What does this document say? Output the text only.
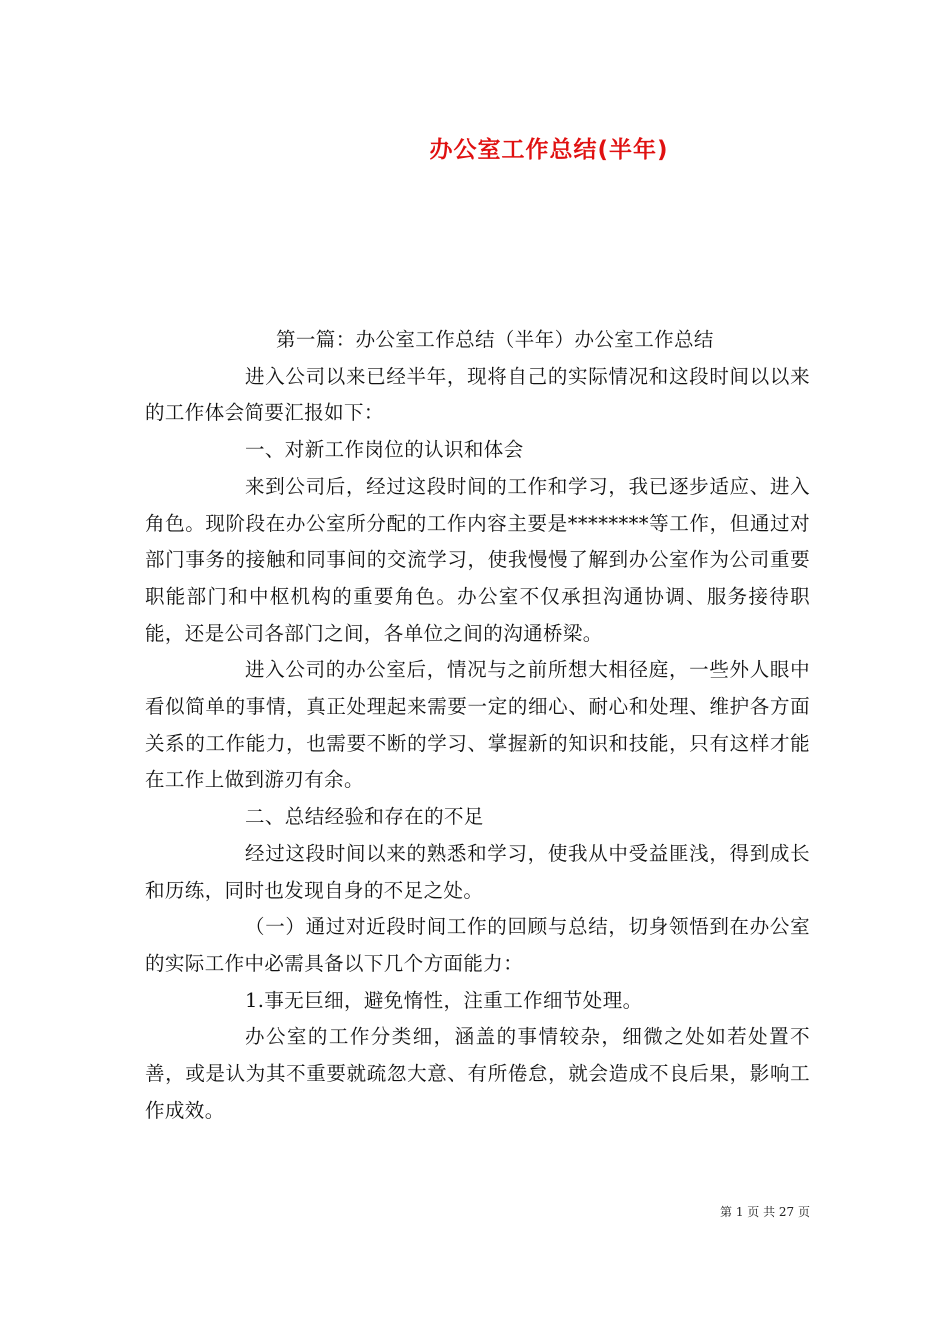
办公室工作总结(半年)

第一篇：办公室工作总结（半年）办公室工作总结

进入公司以来已经半年，现将自己的实际情况和这段时间以以来的工作体会简要汇报如下：

一、对新工作岗位的认识和体会

来到公司后，经过这段时间的工作和学习，我已逐步适应、进入角色。现阶段在办公室所分配的工作内容主要是********等工作，但通过对部门事务的接触和同事间的交流学习，使我慢慢了解到办公室作为公司重要职能部门和中枢机构的重要角色。办公室不仅承担沟通协调、服务接待职能，还是公司各部门之间，各单位之间的沟通桥梁。

进入公司的办公室后，情况与之前所想大相径庭，一些外人眼中看似简单的事情，真正处理起来需要一定的细心、耐心和处理、维护各方面关系的工作能力，也需要不断的学习、掌握新的知识和技能，只有这样才能在工作上做到游刃有余。

二、总结经验和存在的不足

经过这段时间以来的熟悉和学习，使我从中受益匪浅，得到成长和历练，同时也发现自身的不足之处。

（一）通过对近段时间工作的回顾与总结，切身领悟到在办公室的实际工作中必需具备以下几个方面能力：

1.事无巨细，避免惰性，注重工作细节处理。

办公室的工作分类细，涵盖的事情较杂，细微之处如若处置不善，或是认为其不重要就疏忽大意、有所倦怠，就会造成不良后果，影响工作成效。

第 1 页 共 27 页
